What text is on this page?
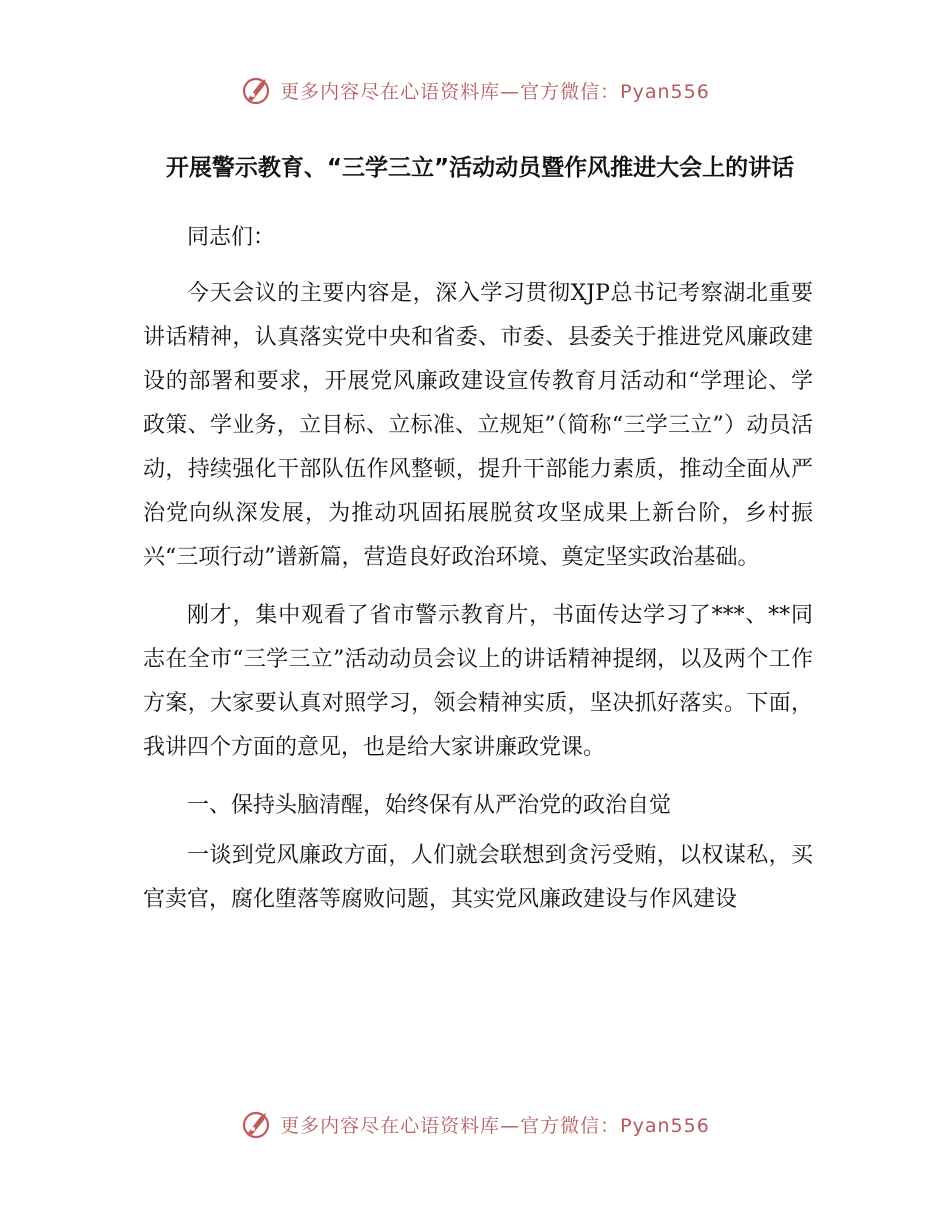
更多内容尽在心语资料库—官方微信：Pyan556
开展警示教育、“三学三立”活动动员暨作风推进大会上的讲话

同志们：

今天会议的主要内容是，深入学习贯彻XJP总书记考察湖北重要讲话精神，认真落实党中央和省委、市委、县委关于推进党风廉政建设的部署和要求，开展党风廉政建设宣传教育月活动和“学理论、学政策、学业务，立目标、立标准、立规矩”（简称“三学三立”）动员活动，持续强化干部队伍作风整顿，提升干部能力素质，推动全面从严治党向纵深发展，为推动巩固拓展脱贫攻坚成果上新台阶，乡村振兴“三项行动”谱新篇，营造良好政治环境、奠定坚实政治基础。

刚才，集中观看了省市警示教育片，书面传达学习了***、**同志在全市“三学三立”活动动员会议上的讲话精神提纲，以及两个工作方案，大家要认真对照学习，领会精神实质，坚决抓好落实。下面，我讲四个方面的意见，也是给大家讲廉政党课。

一、保持头脑清醒，始终保有从严治党的政治自觉

一谈到党风廉政方面，人们就会联想到贪污受贿，以权谋私，买官卖官，腐化堕落等腐败问题，其实党风廉政建设与作风建设

更多内容尽在心语资料库—官方微信：Pyan556
